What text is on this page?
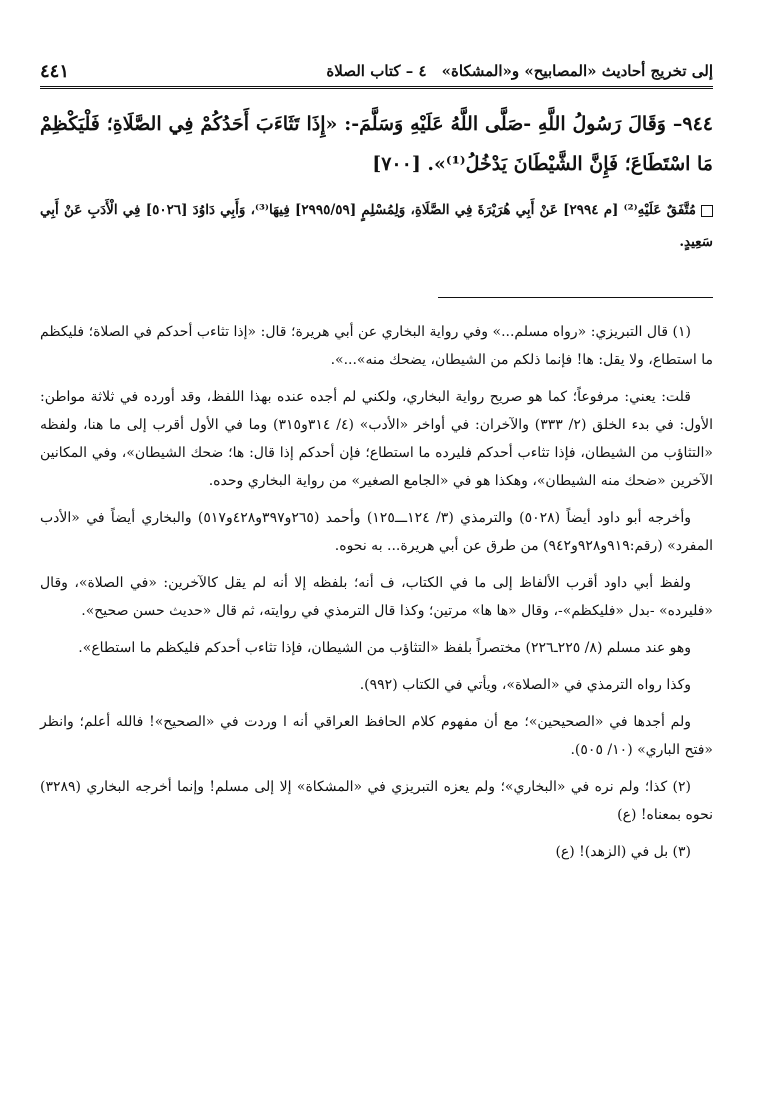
إلى تخريج أحاديث «المصابيح» و«المشكاة»
٤ – كتاب الصلاة
٤٤١
٩٤٤– وَقَالَ رَسُولُ اللَّهِ -صَلَّى اللَّهُ عَلَيْهِ وَسَلَّمَ-: «إِذَا تَثَاءَبَ أَحَدُكُمْ فِي الصَّلَاةِ؛ فَلْيَكْظِمْ مَا اسْتَطَاعَ؛ فَإِنَّ الشَّيْطَانَ يَدْخُلُ⁽¹⁾». [٧٠٠]
مُتَّفَقٌ عَلَيْهِ⁽²⁾ [م ٢٩٩٤] عَنْ أَبِي هُرَيْرَةَ فِي الصَّلَاةِ، وَلِمُسْلِمٍ [٢٩٩٥/٥٩] فِيهَا⁽³⁾، وَأَبِي دَاوُدَ [٥٠٢٦] فِي الْأَدَبِ عَنْ أَبِي سَعِيدٍ.

(١) قال التبريزي: «رواه مسلم...» وفي رواية البخاري عن أبي هريرة؛ قال: «إذا تثاءب أحدكم في الصلاة؛ فليكظم ما استطاع، ولا يقل: ها! فإنما ذلكم من الشيطان، يضحك منه»...».

قلت: يعني: مرفوعاً؛ كما هو صريح رواية البخاري، ولكني لم أجده عنده بهذا اللفظ، وقد أورده في ثلاثة مواطن: الأول: في بدء الخلق (٢/ ٣٣٣) والآخران: في أواخر «الأدب» (٤/ ٣١٤و٣١٥) وما في الأول أقرب إلى ما هنا، ولفظه «التثاؤب من الشيطان، فإذا تثاءب أحدكم فليرده ما استطاع؛ فإن أحدكم إذا قال: ها؛ ضحك الشيطان»، وفي المكانين الآخرين «ضحك منه الشيطان»، وهكذا هو في «الجامع الصغير» من رواية البخاري وحده.

وأخرجه أبو داود أيضاً (٥٠٢٨) والترمذي (٣/ ١٢٤ـــ١٢٥) وأحمد (٢٦٥و٣٩٧و٤٢٨و٥١٧) والبخاري أيضاً في «الأدب المفرد» (رقم:٩١٩و٩٢٨و٩٤٢) من طرق عن أبي هريرة... به نحوه.

ولفظ أبي داود أقرب الألفاظ إلى ما في الكتاب، ف أنه؛ بلفظه إلا أنه لم يقل كالآخرين: «في الصلاة»، وقال «فليرده» -بدل «فليكظم»-، وقال «ها ها» مرتين؛ وكذا قال الترمذي في روايته، ثم قال «حديث حسن صحيح».

وهو عند مسلم (٨/ ٢٢٥ـ٢٢٦) مختصراً بلفظ «التثاؤب من الشيطان، فإذا تثاءب أحدكم فليكظم ما استطاع».

وكذا رواه الترمذي في «الصلاة»، ويأتي في الكتاب (٩٩٢).

ولم أجدها في «الصحيحين»؛ مع أن مفهوم كلام الحافظ العراقي أنه ا وردت في «الصحيح»! فالله أعلم؛ وانظر «فتح الباري» (١٠/ ٥٠٥).

(٢) كذا؛ ولم نره في «البخاري»؛ ولم يعزه التبريزي في «المشكاة» إلا إلى مسلم! وإنما أخرجه البخاري (٣٢٨٩) نحوه بمعناه! (ع)

(٣) بل في (الزهد)! (ع)
